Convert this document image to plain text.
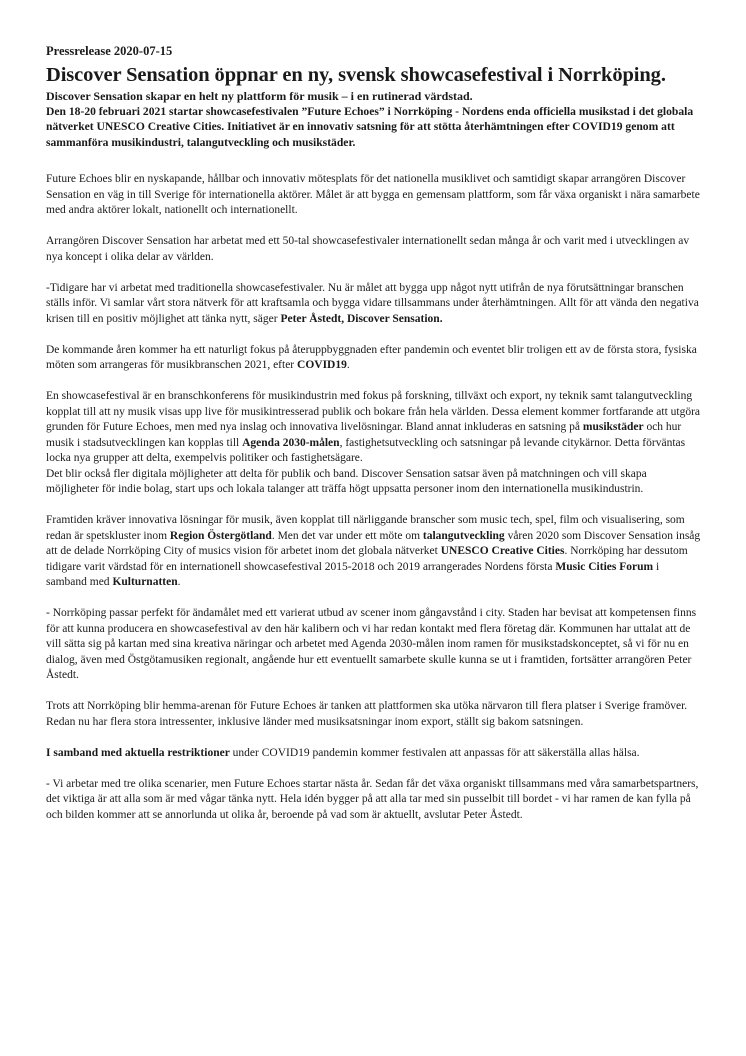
Pressrelease 2020-07-15
Discover Sensation öppnar en ny, svensk showcasefestival i Norrköping.

Discover Sensation skapar en helt ny plattform för musik – i en rutinerad värdstad.

Den 18-20 februari 2021 startar showcasefestivalen ”Future Echoes” i Norrköping - Nordens enda officiella musikstad i det globala nätverket UNESCO Creative Cities. Initiativet är en innovativ satsning för att stötta återhämtningen efter COVID19 genom att sammanföra musikindustri, talangutveckling och musikstäder.

Future Echoes blir en nyskapande, hållbar och innovativ mötesplats för det nationella musiklivet och samtidigt skapar arrangören Discover Sensation en väg in till Sverige för internationella aktörer. Målet är att bygga en gemensam plattform, som får växa organiskt i nära samarbete med andra aktörer lokalt, nationellt och internationellt.

Arrangören Discover Sensation har arbetat med ett 50-tal showcasefestivaler internationellt sedan många år och varit med i utvecklingen av nya koncept i olika delar av världen.

-Tidigare har vi arbetat med traditionella showcasefestivaler. Nu är målet att bygga upp något nytt utifrån de nya förutsättningar branschen ställs inför. Vi samlar vårt stora nätverk för att kraftsamla och bygga vidare tillsammans under återhämtningen. Allt för att vända den negativa krisen till en positiv möjlighet att tänka nytt, säger Peter Åstedt, Discover Sensation.

De kommande åren kommer ha ett naturligt fokus på återuppbyggnaden efter pandemin och eventet blir troligen ett av de första stora, fysiska möten som arrangeras för musikbranschen 2021, efter COVID19.

En showcasefestival är en branschkonferens för musikindustrin med fokus på forskning, tillväxt och export, ny teknik samt talangutveckling kopplat till att ny musik visas upp live för musikintresserad publik och bokare från hela världen. Dessa element kommer fortfarande att utgöra grunden för Future Echoes, men med nya inslag och innovativa livelösningar. Bland annat inkluderas en satsning på musikstäder och hur musik i stadsutvecklingen kan kopplas till Agenda 2030-målen, fastighetsutveckling och satsningar på levande citykärnor. Detta förväntas locka nya grupper att delta, exempelvis politiker och fastighetsägare.

Det blir också fler digitala möjligheter att delta för publik och band. Discover Sensation satsar även på matchningen och vill skapa möjligheter för indie bolag, start ups och lokala talanger att träffa högt uppsatta personer inom den internationella musikindustrin.

Framtiden kräver innovativa lösningar för musik, även kopplat till närliggande branscher som music tech, spel, film och visualisering, som redan är spetskluster inom Region Östergötland. Men det var under ett möte om talangutveckling våren 2020 som Discover Sensation insåg att de delade Norrköping City of musics vision för arbetet inom det globala nätverket UNESCO Creative Cities. Norrköping har dessutom tidigare varit värdstad för en internationell showcasefestival 2015-2018 och 2019 arrangerades Nordens första Music Cities Forum i samband med Kulturnatten.

- Norrköping passar perfekt för ändamålet med ett varierat utbud av scener inom gångavstånd i city. Staden har bevisat att kompetensen finns för att kunna producera en showcasefestival av den här kalibern och vi har redan kontakt med flera företag där. Kommunen har uttalat att de vill sätta sig på kartan med sina kreativa näringar och arbetet med Agenda 2030-målen inom ramen för musikstadskonceptet, så vi för nu en dialog, även med Östgötamusiken regionalt, angående hur ett eventuellt samarbete skulle kunna se ut i framtiden, fortsätter arrangören Peter Åstedt.

Trots att Norrköping blir hemma-arenan för Future Echoes är tanken att plattformen ska utöka närvaron till flera platser i Sverige framöver. Redan nu har flera stora intressenter, inklusive länder med musiksatsningar inom export, ställt sig bakom satsningen.

I samband med aktuella restriktioner under COVID19 pandemin kommer festivalen att anpassas för att säkerställa allas hälsa.

- Vi arbetar med tre olika scenarier, men Future Echoes startar nästa år. Sedan får det växa organiskt tillsammans med våra samarbetspartners, det viktiga är att alla som är med vågar tänka nytt. Hela idén bygger på att alla tar med sin pusselbit till bordet - vi har ramen de kan fylla på och bilden kommer att se annorlunda ut olika år, beroende på vad som är aktuellt, avslutar Peter Åstedt.
